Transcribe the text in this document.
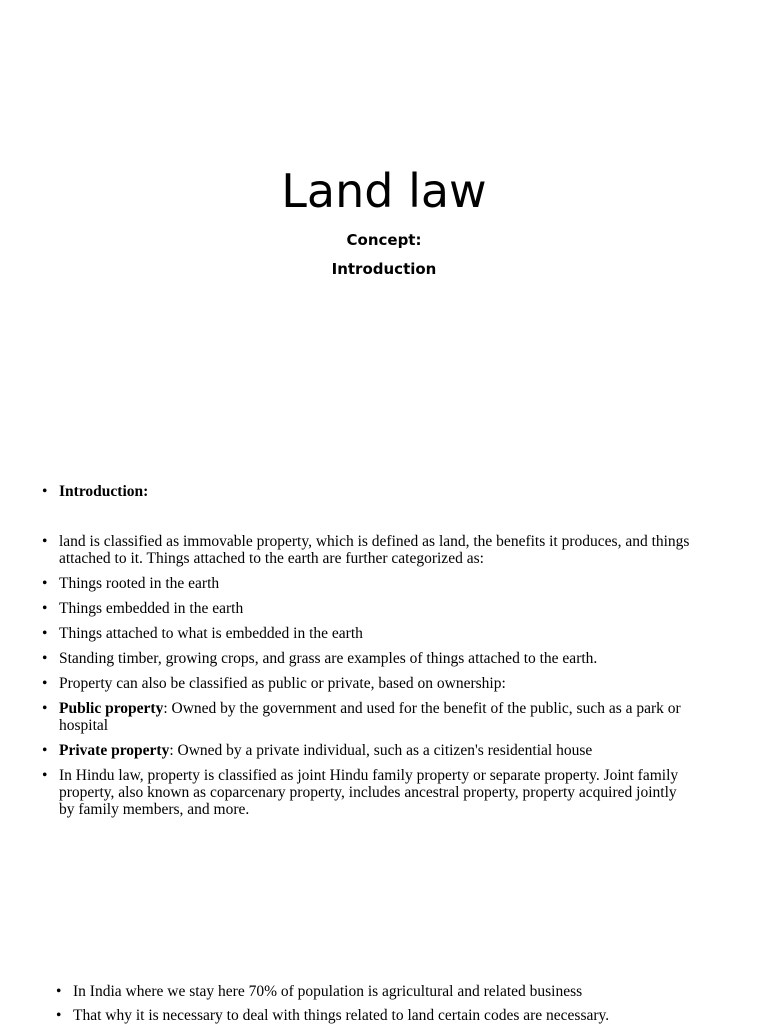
Land law
Concept:
Introduction
• Introduction:
• land is classified as immovable property, which is defined as land, the benefits it produces, and things attached to it. Things attached to the earth are further categorized as:
• Things rooted in the earth
• Things embedded in the earth
• Things attached to what is embedded in the earth
• Standing timber, growing crops, and grass are examples of things attached to the earth.
• Property can also be classified as public or private, based on ownership:
• Public property: Owned by the government and used for the benefit of the public, such as a park or hospital
• Private property: Owned by a private individual, such as a citizen's residential house
• In Hindu law, property is classified as joint Hindu family property or separate property. Joint family property, also known as coparcenary property, includes ancestral property, property acquired jointly by family members, and more.
• In India where we stay here 70% of population is agricultural and related business
• That why it is necessary to deal with things related to land certain codes are necessary.
